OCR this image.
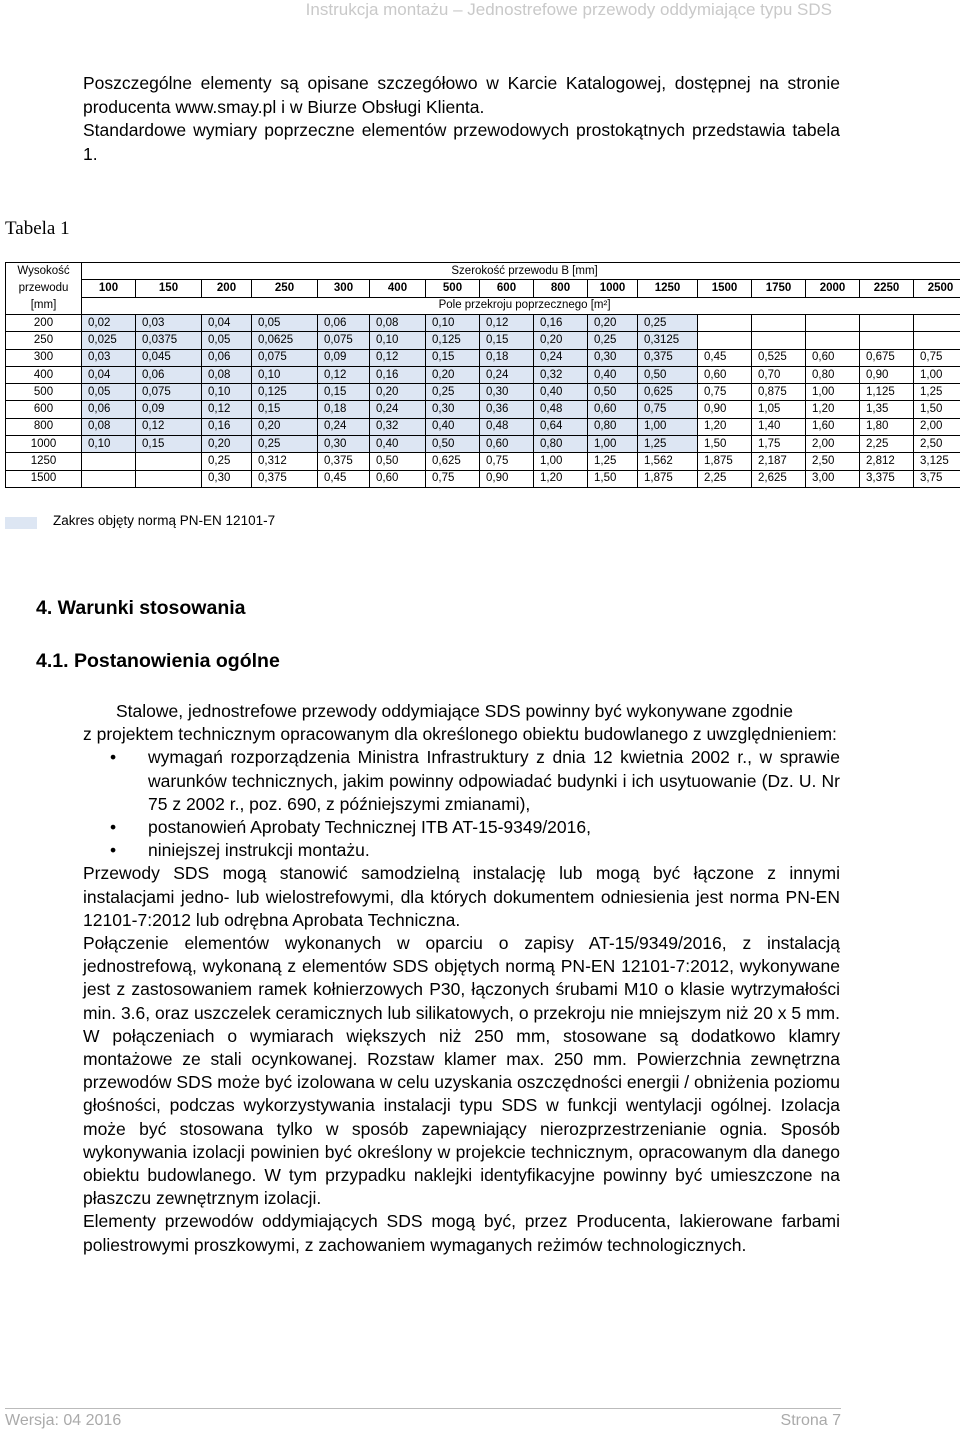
Instrukcja montażu – Jednostrefowe przewody oddymiające typu SDS

Poszczególne elementy są opisane szczegółowo w Karcie Katalogowej, dostępnej na stronie producenta www.smay.pl i w Biurze Obsługi Klienta.

Standardowe wymiary poprzeczne elementów przewodowych prostokątnych przedstawia tabela 1.

Tabela 1
Wysokość
przewodu
[mm]	Szerokość przewodu B [mm]															
	100	150	200	250	300	400	500	600	800	1000	1250	1500	1750	2000	2250	2500
	Pole przekroju poprzecznego [m²]															
200	0,02	0,03	0,04	0,05	0,06	0,08	0,10	0,12	0,16	0,20	0,25					
250	0,025	0,0375	0,05	0,0625	0,075	0,10	0,125	0,15	0,20	0,25	0,3125					
300	0,03	0,045	0,06	0,075	0,09	0,12	0,15	0,18	0,24	0,30	0,375	0,45	0,525	0,60	0,675	0,75
400	0,04	0,06	0,08	0,10	0,12	0,16	0,20	0,24	0,32	0,40	0,50	0,60	0,70	0,80	0,90	1,00
500	0,05	0,075	0,10	0,125	0,15	0,20	0,25	0,30	0,40	0,50	0,625	0,75	0,875	1,00	1,125	1,25
600	0,06	0,09	0,12	0,15	0,18	0,24	0,30	0,36	0,48	0,60	0,75	0,90	1,05	1,20	1,35	1,50
800	0,08	0,12	0,16	0,20	0,24	0,32	0,40	0,48	0,64	0,80	1,00	1,20	1,40	1,60	1,80	2,00
1000	0,10	0,15	0,20	0,25	0,30	0,40	0,50	0,60	0,80	1,00	1,25	1,50	1,75	2,00	2,25	2,50
1250			0,25	0,312	0,375	0,50	0,625	0,75	1,00	1,25	1,562	1,875	2,187	2,50	2,812	3,125
1500			0,30	0,375	0,45	0,60	0,75	0,90	1,20	1,50	1,875	2,25	2,625	3,00	3,375	3,75
Zakres objęty normą PN-EN 12101-7
4. Warunki stosowania
4.1. Postanowienia ogólne

Stalowe, jednostrefowe przewody oddymiające SDS powinny być wykonywane zgodnie

z projektem technicznym opracowanym dla określonego obiektu budowlanego z uwzględnieniem:

• wymagań rozporządzenia Ministra Infrastruktury z dnia 12 kwietnia 2002 r., w sprawie warunków technicznych, jakim powinny odpowiadać budynki i ich usytuowanie (Dz. U. Nr 75 z 2002 r., poz. 690, z późniejszymi zmianami),
• postanowień Aprobaty Technicznej ITB AT-15-9349/2016,
• niniejszej instrukcji montażu.

Przewody SDS mogą stanowić samodzielną instalację lub mogą być łączone z innymi instalacjami jedno- lub wielostrefowymi, dla których dokumentem odniesienia jest norma PN-EN 12101-7:2012 lub odrębna Aprobata Techniczna.

Połączenie elementów wykonanych w oparciu o zapisy AT-15/9349/2016, z instalacją jednostrefową, wykonaną z elementów SDS objętych normą PN-EN 12101-7:2012, wykonywane jest z zastosowaniem ramek kołnierzowych P30, łączonych śrubami M10 o klasie wytrzymałości min. 3.6, oraz uszczelek ceramicznych lub silikatowych, o przekroju nie mniejszym niż 20 x 5 mm. W połączeniach o wymiarach większych niż 250 mm, stosowane są dodatkowo klamry montażowe ze stali ocynkowanej. Rozstaw klamer max. 250 mm. Powierzchnia zewnętrzna przewodów SDS może być izolowana w celu uzyskania oszczędności energii / obniżenia poziomu głośności, podczas wykorzystywania instalacji typu SDS w funkcji wentylacji ogólnej. Izolacja może być stosowana tylko w sposób zapewniający nierozprzestrzenianie ognia. Sposób wykonywania izolacji powinien być określony w projekcie technicznym, opracowanym dla danego obiektu budowlanego. W tym przypadku naklejki identyfikacyjne powinny być umieszczone na płaszczu zewnętrznym izolacji.

Elementy przewodów oddymiających SDS mogą być, przez Producenta, lakierowane farbami poliestrowymi proszkowymi, z zachowaniem wymaganych reżimów technologicznych.

Wersja: 04 2016	Strona 7
